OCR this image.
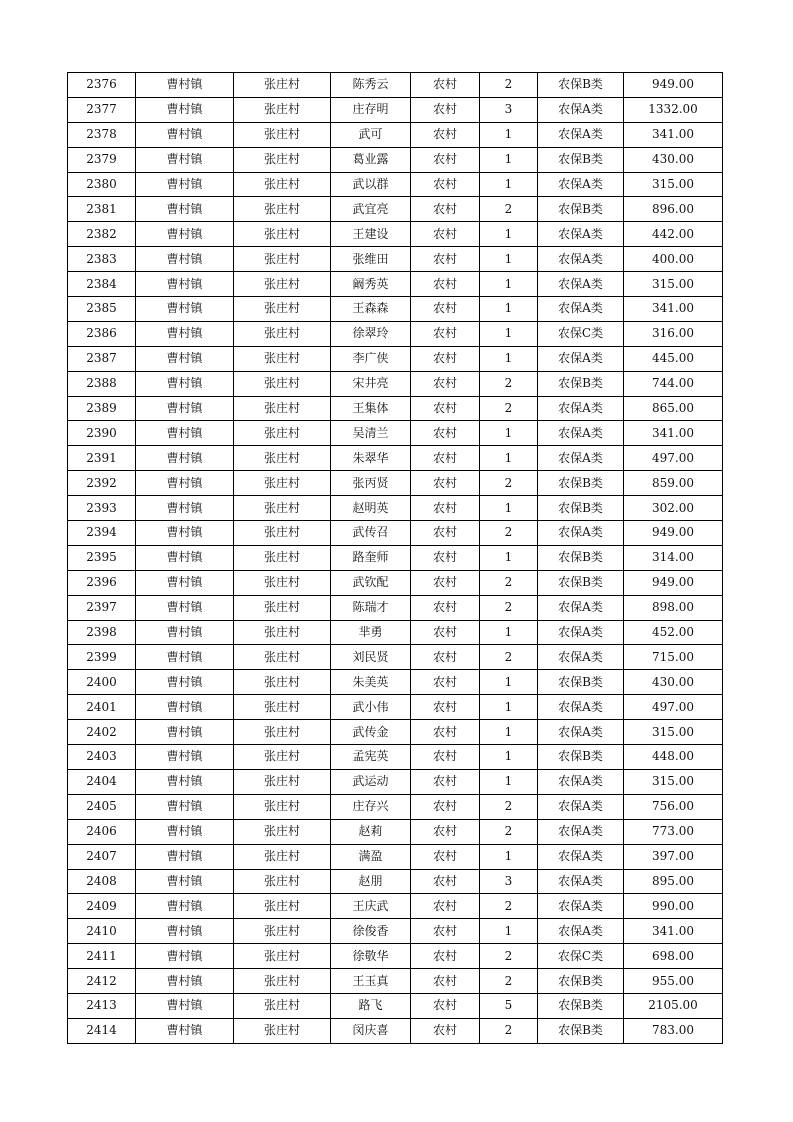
2376	曹村镇	张庄村	陈秀云	农村	2	农保B类	949.00
2377	曹村镇	张庄村	庄存明	农村	3	农保A类	1332.00
2378	曹村镇	张庄村	武可	农村	1	农保A类	341.00
2379	曹村镇	张庄村	葛业露	农村	1	农保B类	430.00
2380	曹村镇	张庄村	武以群	农村	1	农保A类	315.00
2381	曹村镇	张庄村	武宜亮	农村	2	农保B类	896.00
2382	曹村镇	张庄村	王建设	农村	1	农保A类	442.00
2383	曹村镇	张庄村	张维田	农村	1	农保A类	400.00
2384	曹村镇	张庄村	阚秀英	农村	1	农保A类	315.00
2385	曹村镇	张庄村	王森森	农村	1	农保A类	341.00
2386	曹村镇	张庄村	徐翠玲	农村	1	农保C类	316.00
2387	曹村镇	张庄村	李广侠	农村	1	农保A类	445.00
2388	曹村镇	张庄村	宋井亮	农村	2	农保B类	744.00
2389	曹村镇	张庄村	王集体	农村	2	农保A类	865.00
2390	曹村镇	张庄村	吴清兰	农村	1	农保A类	341.00
2391	曹村镇	张庄村	朱翠华	农村	1	农保A类	497.00
2392	曹村镇	张庄村	张丙贤	农村	2	农保B类	859.00
2393	曹村镇	张庄村	赵明英	农村	1	农保B类	302.00
2394	曹村镇	张庄村	武传召	农村	2	农保A类	949.00
2395	曹村镇	张庄村	路奎师	农村	1	农保B类	314.00
2396	曹村镇	张庄村	武钦配	农村	2	农保B类	949.00
2397	曹村镇	张庄村	陈瑞才	农村	2	农保A类	898.00
2398	曹村镇	张庄村	芈勇	农村	1	农保A类	452.00
2399	曹村镇	张庄村	刘民贤	农村	2	农保A类	715.00
2400	曹村镇	张庄村	朱美英	农村	1	农保B类	430.00
2401	曹村镇	张庄村	武小伟	农村	1	农保A类	497.00
2402	曹村镇	张庄村	武传金	农村	1	农保A类	315.00
2403	曹村镇	张庄村	孟宪英	农村	1	农保B类	448.00
2404	曹村镇	张庄村	武运动	农村	1	农保A类	315.00
2405	曹村镇	张庄村	庄存兴	农村	2	农保A类	756.00
2406	曹村镇	张庄村	赵莉	农村	2	农保A类	773.00
2407	曹村镇	张庄村	满盈	农村	1	农保A类	397.00
2408	曹村镇	张庄村	赵朋	农村	3	农保A类	895.00
2409	曹村镇	张庄村	王庆武	农村	2	农保A类	990.00
2410	曹村镇	张庄村	徐俊香	农村	1	农保A类	341.00
2411	曹村镇	张庄村	徐敬华	农村	2	农保C类	698.00
2412	曹村镇	张庄村	王玉真	农村	2	农保B类	955.00
2413	曹村镇	张庄村	路飞	农村	5	农保B类	2105.00
2414	曹村镇	张庄村	闵庆喜	农村	2	农保B类	783.00
